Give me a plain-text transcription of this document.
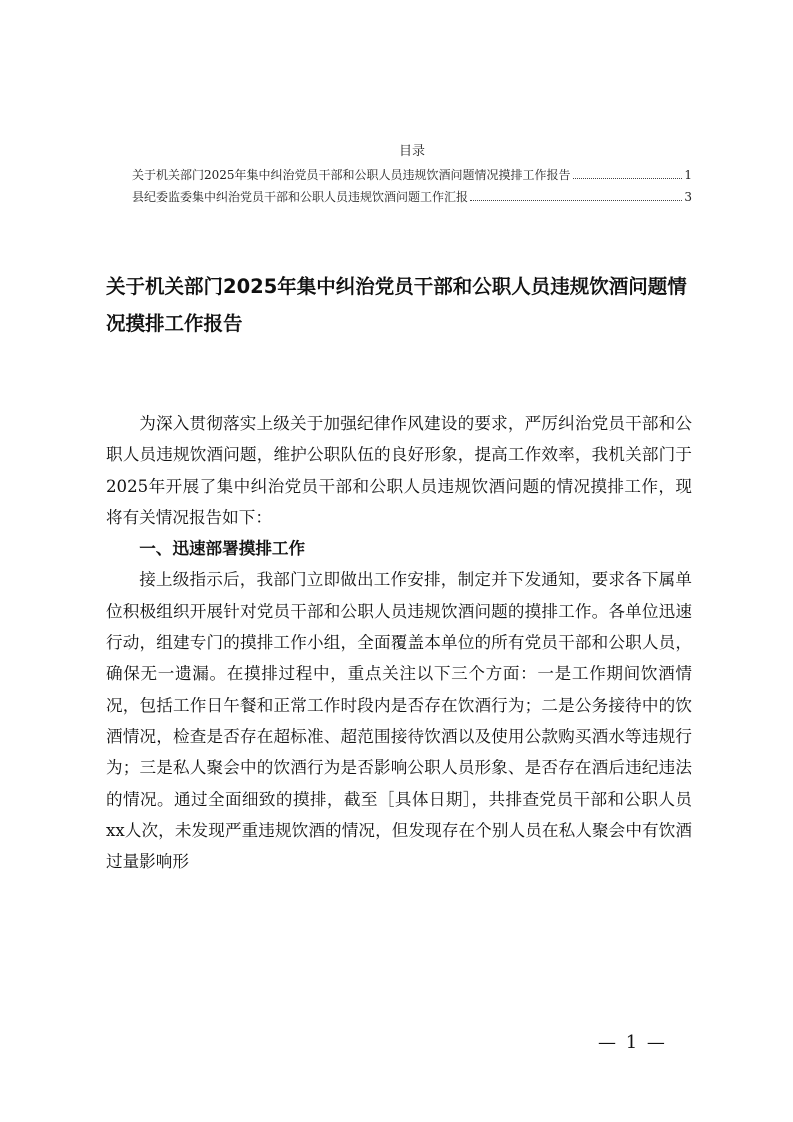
目录
关于机关部门2025年集中纠治党员干部和公职人员违规饮酒问题情况摸排工作报告	1
县纪委监委集中纠治党员干部和公职人员违规饮酒问题工作汇报	3
关于机关部门2025年集中纠治党员干部和公职人员违规饮酒问题情况摸排工作报告

为深入贯彻落实上级关于加强纪律作风建设的要求，严厉纠治党员干部和公职人员违规饮酒问题，维护公职队伍的良好形象，提高工作效率，我机关部门于2025年开展了集中纠治党员干部和公职人员违规饮酒问题的情况摸排工作，现将有关情况报告如下：

一、迅速部署摸排工作

接上级指示后，我部门立即做出工作安排，制定并下发通知，要求各下属单位积极组织开展针对党员干部和公职人员违规饮酒问题的摸排工作。各单位迅速行动，组建专门的摸排工作小组，全面覆盖本单位的所有党员干部和公职人员，确保无一遗漏。在摸排过程中，重点关注以下三个方面：一是工作期间饮酒情况，包括工作日午餐和正常工作时段内是否存在饮酒行为；二是公务接待中的饮酒情况，检查是否存在超标准、超范围接待饮酒以及使用公款购买酒水等违规行为；三是私人聚会中的饮酒行为是否影响公职人员形象、是否存在酒后违纪违法的情况。通过全面细致的摸排，截至［具体日期］，共排查党员干部和公职人员xx人次，未发现严重违规饮酒的情况，但发现存在个别人员在私人聚会中有饮酒过量影响形

— 1 —
